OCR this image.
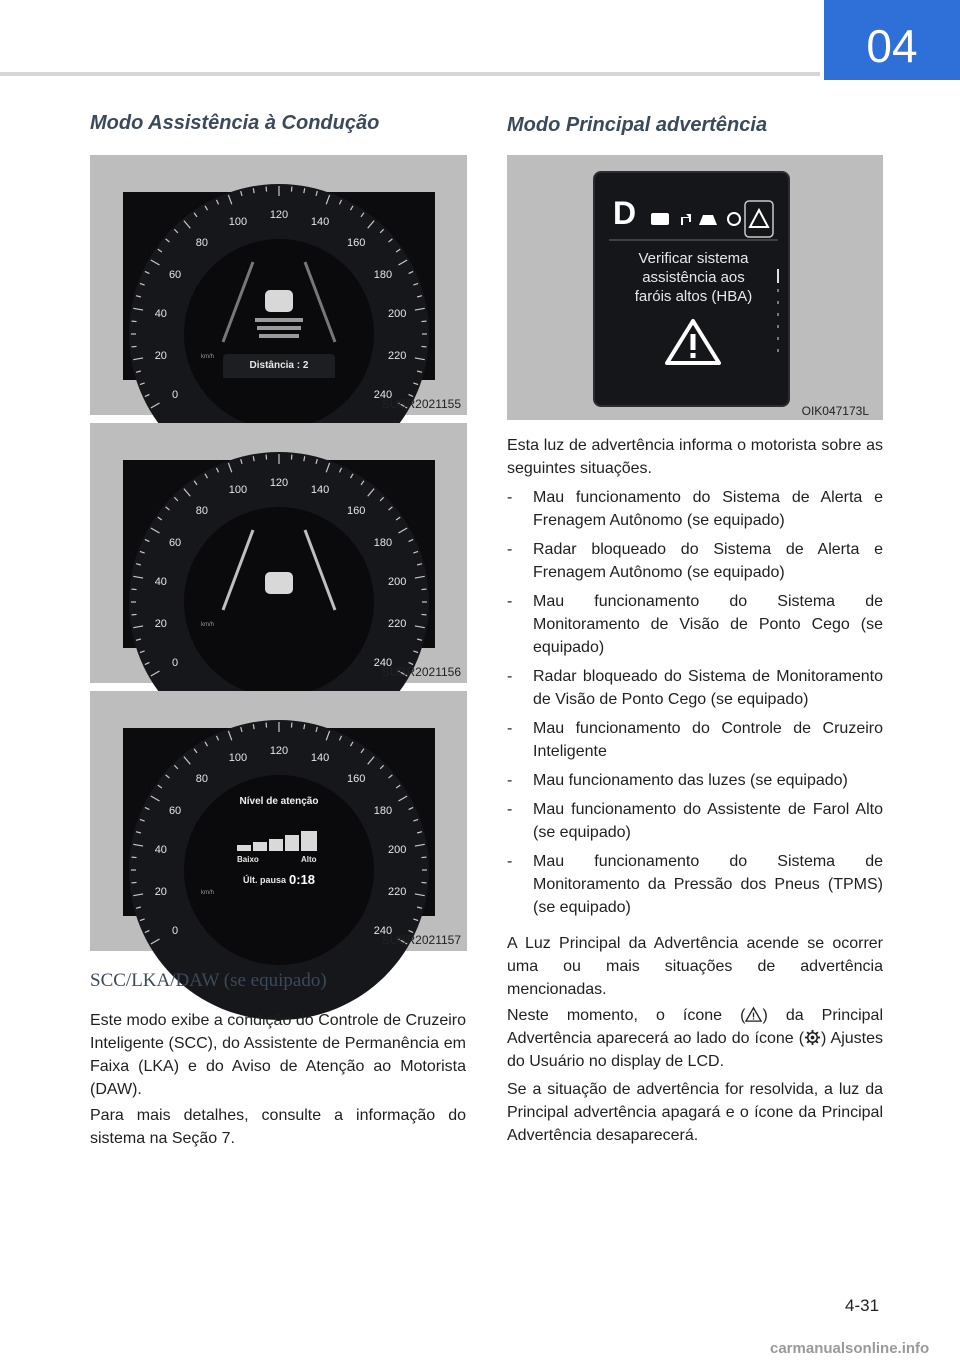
04
Modo Assistência à Condução
0
20
40
60
80
100
120
140
160
180
200
220
240
km/h
Distância : 2
SUBR2021155
0
20
40
60
80
100
120
140
160
180
200
220
240
km/h
SUBR2021156
0
20
40
60
80
100
120
140
160
180
200
220
240
km/h
Nível de atenção
Baixo	Alto
Últ. pausa 0:18
SUBR2021157
SCC/LKA/DAW (se equipado)

Este modo exibe a condição do Controle de Cruzeiro Inteligente (SCC), do Assistente de Permanência em Faixa (LKA) e do Aviso de Atenção ao Motorista (DAW).

Para mais detalhes, consulte a informação do sistema na Seção 7.

Modo Principal advertência
OIK047173L
D
Verificar sistema
assistência aos
faróis altos (HBA)

Esta luz de advertência informa o motorista sobre as seguintes situações.

- Mau funcionamento do Sistema de Alerta e Frenagem Autônomo (se equipado)
- Radar bloqueado do Sistema de Alerta e Frenagem Autônomo (se equipado)
- Mau funcionamento do Sistema de Monitoramento de Visão de Ponto Cego (se equipado)
- Radar bloqueado do Sistema de Monitoramento de Visão de Ponto Cego (se equipado)
- Mau funcionamento do Controle de Cruzeiro Inteligente
- Mau funcionamento das luzes (se equipado)
- Mau funcionamento do Assistente de Farol Alto (se equipado)
- Mau funcionamento do Sistema de Monitoramento da Pressão dos Pneus (TPMS) (se equipado)

A Luz Principal da Advertência acende se ocorrer uma ou mais situações de advertência mencionadas.

Neste momento, o ícone ( ) da Principal Advertência aparecerá ao lado do ícone ( ) Ajustes do Usuário no display de LCD.

Se a situação de advertência for resolvida, a luz da Principal advertência apagará e o ícone da Principal Advertência desaparecerá.

4-31
carmanualsonline.info
